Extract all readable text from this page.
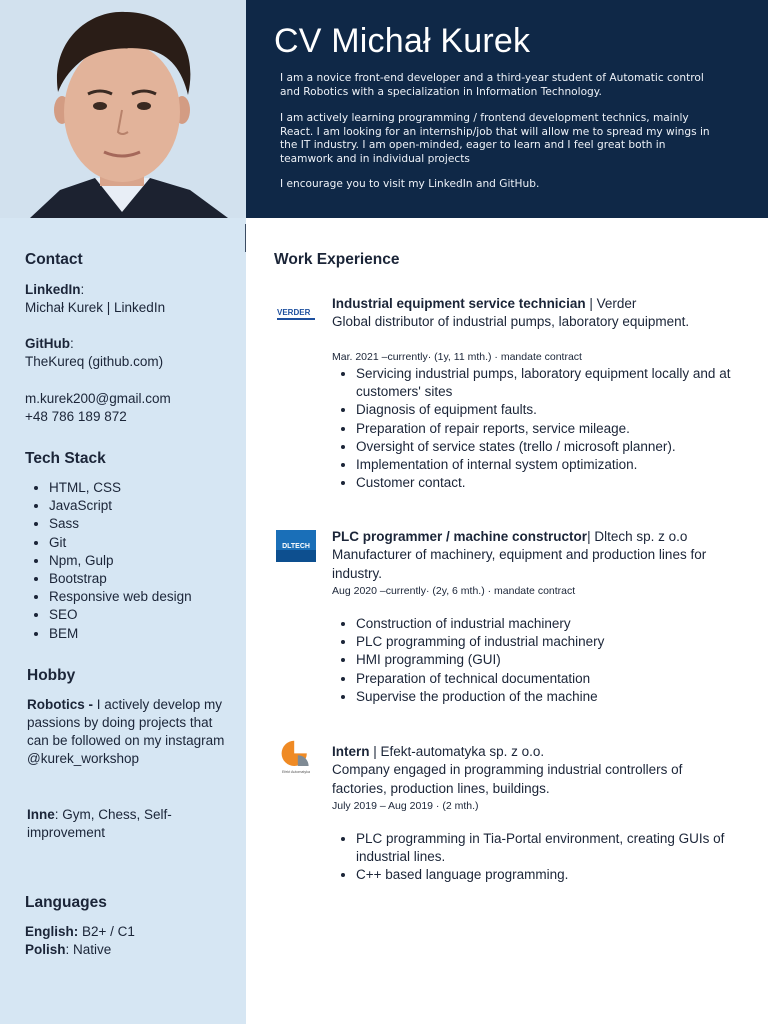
CV Michał Kurek
I am a novice front-end developer and a third-year student of Automatic control and Robotics with a specialization in Information Technology.
I am actively learning programming / frontend development technics, mainly React. I am looking for an internship/job that will allow me to spread my wings in the IT industry. I am open-minded, eager to learn and I feel great both in teamwork and in individual projects
I encourage you to visit my LinkedIn and GitHub.
Contact
LinkedIn:
Michał Kurek | LinkedIn
GitHub:
TheKureq (github.com)
m.kurek200@gmail.com
+48 786 189 872
Tech Stack
• HTML, CSS
• JavaScript
• Sass
• Git
• Npm, Gulp
• Bootstrap
• Responsive web design
• SEO
• BEM
Hobby
Robotics - I actively develop my passions by doing projects that can be followed on my instagram @kurek_workshop
Inne: Gym, Chess, Self-improvement
Languages
English: B2+ / C1
Polish: Native
Work Experience
VERDER
Industrial equipment service technician | Verder
Global distributor of industrial pumps, laboratory equipment.
Mar. 2021 –currently· (1y, 11 mth.) · mandate contract
• Servicing industrial pumps, laboratory equipment locally and at customers' sites
• Diagnosis of equipment faults.
• Preparation of repair reports, service mileage.
• Oversight of service states (trello / microsoft planner).
• Implementation of internal system optimization.
• Customer contact.
DLTECH
PLC programmer / machine constructor| Dltech sp. z o.o
Manufacturer of machinery, equipment and production lines for industry.
Aug 2020 –currently· (2y, 6 mth.) · mandate contract
• Construction of industrial machinery
• PLC programming of industrial machinery
• HMI programming (GUI)
• Preparation of technical documentation
• Supervise the production of the machine
Efekt Automatyka
Intern | Efekt-automatyka sp. z o.o.
Company engaged in programming industrial controllers of factories, production lines, buildings.
July 2019 – Aug 2019 · (2 mth.)
• PLC programming in Tia-Portal environment, creating GUIs of industrial lines.
• C++ based language programming.
